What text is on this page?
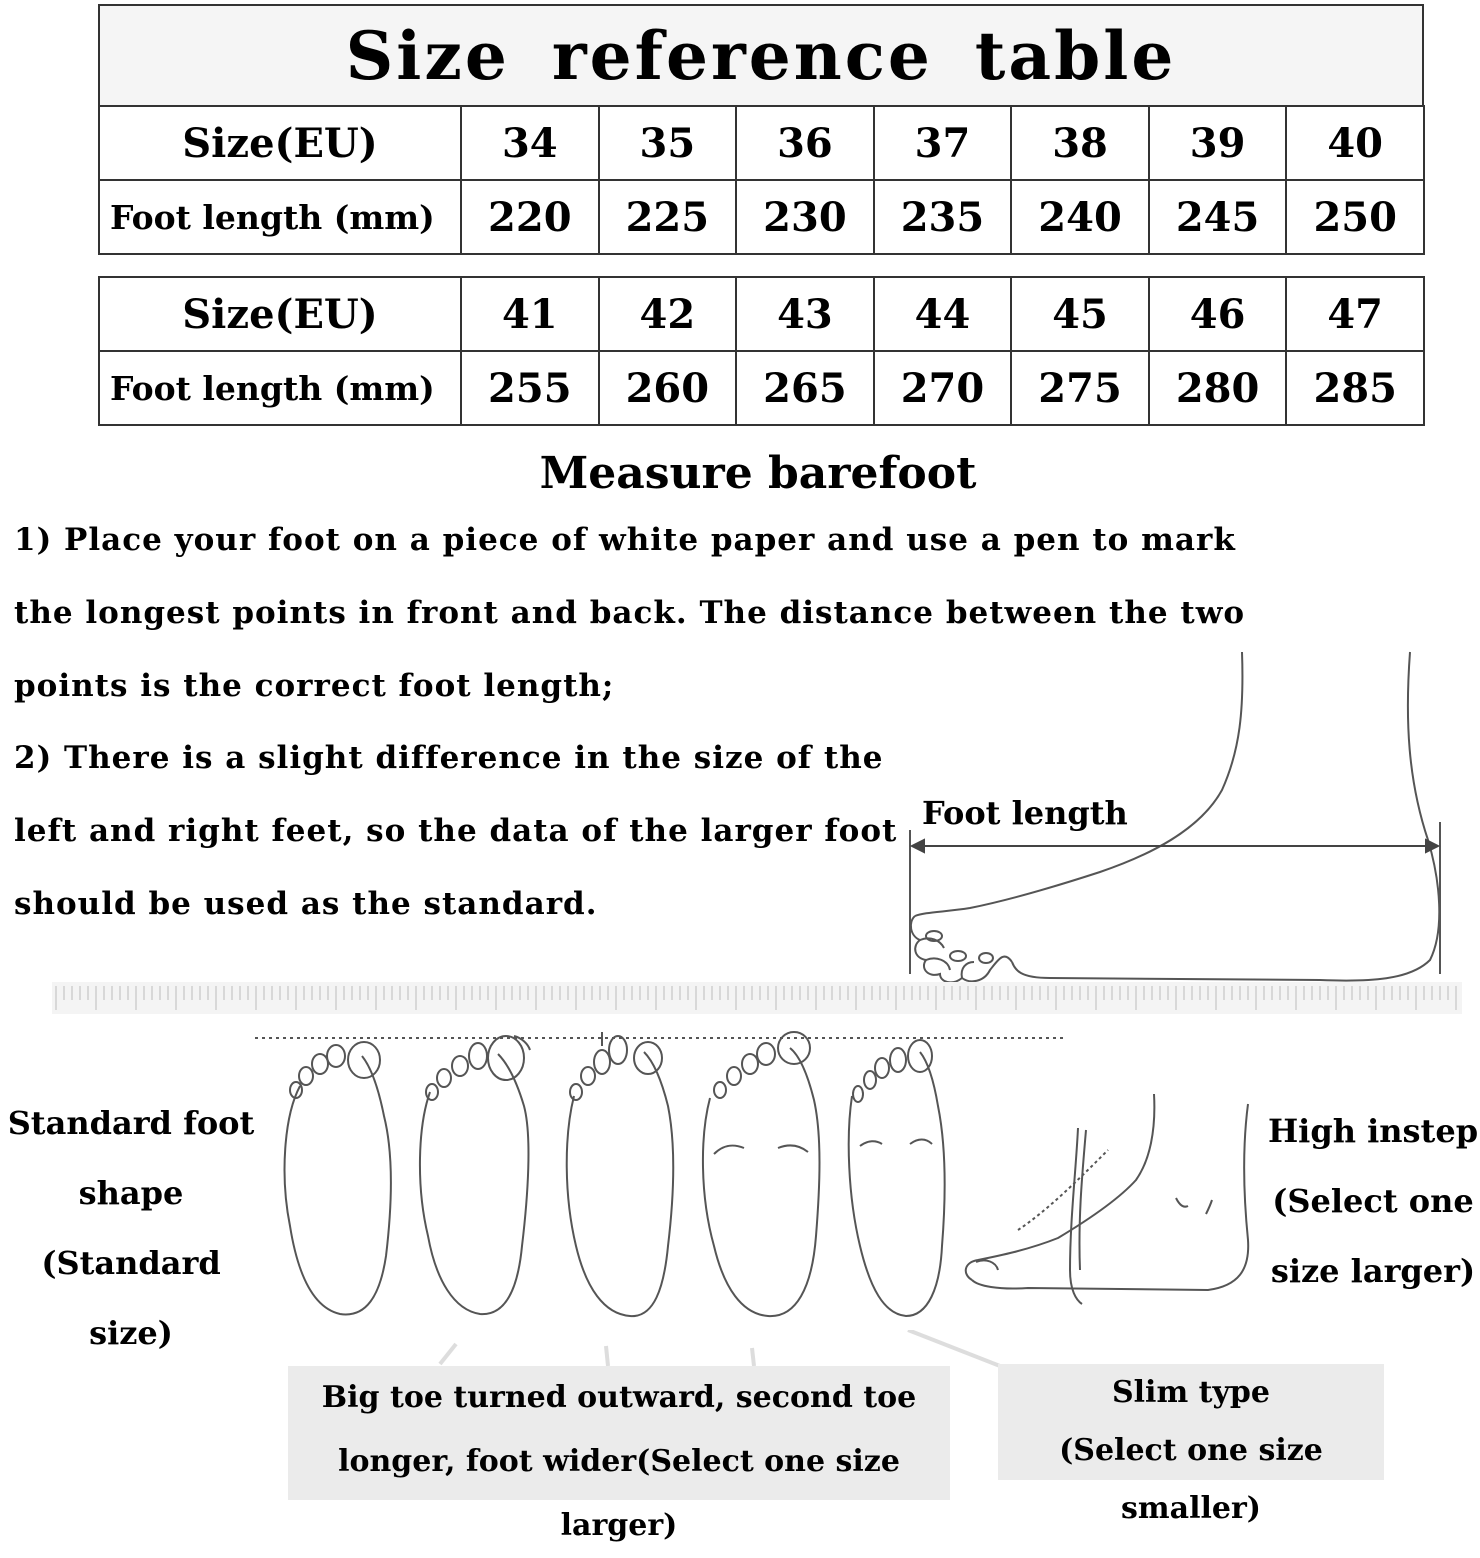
Size reference table
Size(EU)	34	35	36	37	38	39	40
Foot length (mm)	220	225	230	235	240	245	250
Size(EU)	41	42	43	44	45	46	47
Foot length (mm)	255	260	265	270	275	280	285
Measure barefoot

1) Place your foot on a piece of white paper and use a pen to mark

the longest points in front and back. The distance between the two

points is the correct foot length;

2) There is a slight difference in the size of the

left and right feet, so the data of the larger foot

should be used as the standard.

Foot length
Standard foot
shape
(Standard size)
High instep
(Select one
size larger)
Big toe turned outward, second toe
longer, foot wider(Select one size larger)
Slim type
(Select one size smaller)
